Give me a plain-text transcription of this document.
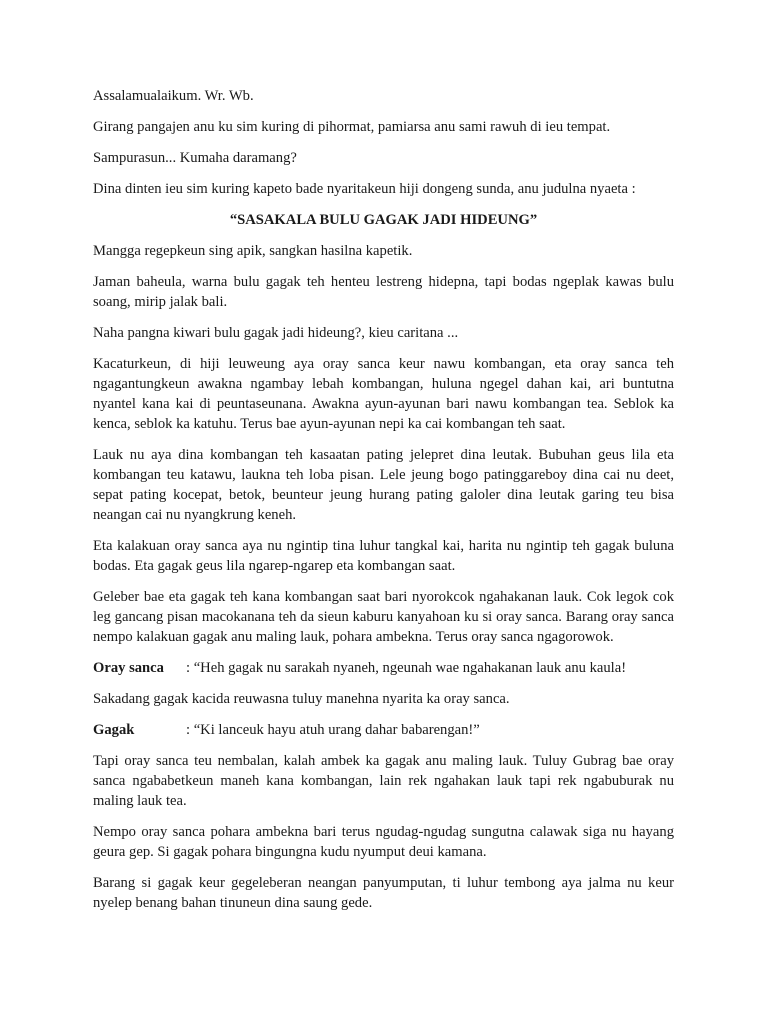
Assalamualaikum. Wr. Wb.

Girang pangajen anu ku sim kuring di pihormat, pamiarsa anu sami rawuh di ieu tempat.

Sampurasun... Kumaha daramang?

Dina dinten ieu sim kuring kapeto bade nyaritakeun hiji dongeng sunda, anu judulna nyaeta :

“SASAKALA BULU GAGAK JADI HIDEUNG”

Mangga regepkeun sing apik, sangkan hasilna kapetik.

Jaman baheula, warna bulu gagak teh henteu lestreng hidepna, tapi bodas ngeplak kawas bulu soang, mirip jalak bali.

Naha pangna kiwari bulu gagak jadi hideung?, kieu caritana ...

Kacaturkeun, di hiji leuweung aya oray sanca keur nawu kombangan, eta oray sanca teh ngagantungkeun awakna ngambay lebah kombangan, huluna ngegel dahan kai, ari buntutna nyantel kana kai di peuntaseunana. Awakna ayun-ayunan bari nawu kombangan tea. Seblok ka kenca, seblok ka katuhu. Terus bae ayun-ayunan nepi ka cai kombangan teh saat.

Lauk nu aya dina kombangan teh kasaatan pating jelepret dina leutak. Bubuhan geus lila eta kombangan teu katawu, laukna teh loba pisan. Lele jeung bogo patinggareboy dina cai nu deet, sepat pating kocepat, betok, beunteur jeung hurang pating galoler dina leutak garing teu bisa neangan cai nu nyangkrung keneh.

Eta kalakuan oray sanca aya nu ngintip tina luhur tangkal kai, harita nu ngintip teh gagak buluna bodas. Eta gagak geus lila ngarep-ngarep eta kombangan saat.

Geleber bae eta gagak teh kana kombangan saat bari nyorokcok ngahakanan lauk. Cok legok cok leg gancang pisan macokanana teh da sieun kaburu kanyahoan ku si oray sanca. Barang oray sanca nempo kalakuan gagak anu maling lauk, pohara ambekna. Terus oray sanca ngagorowok.

Oray sanca	: “Heh gagak nu sarakah nyaneh, ngeunah wae ngahakanan lauk anu kaula!

Sakadang gagak kacida reuwasna tuluy manehna nyarita ka oray sanca.

Gagak	: “Ki lanceuk hayu atuh urang dahar babarengan!”

Tapi oray sanca teu nembalan, kalah ambek ka gagak anu maling lauk. Tuluy Gubrag bae oray sanca ngababetkeun maneh kana kombangan, lain rek ngahakan lauk tapi rek ngabuburak nu maling lauk tea.

Nempo oray sanca pohara ambekna bari terus ngudag-ngudag sungutna calawak siga nu hayang geura gep. Si gagak pohara bingungna kudu nyumput deui kamana.

Barang si gagak keur gegeleberan neangan panyumputan, ti luhur tembong aya jalma nu keur nyelep benang bahan tinuneun dina saung gede.
